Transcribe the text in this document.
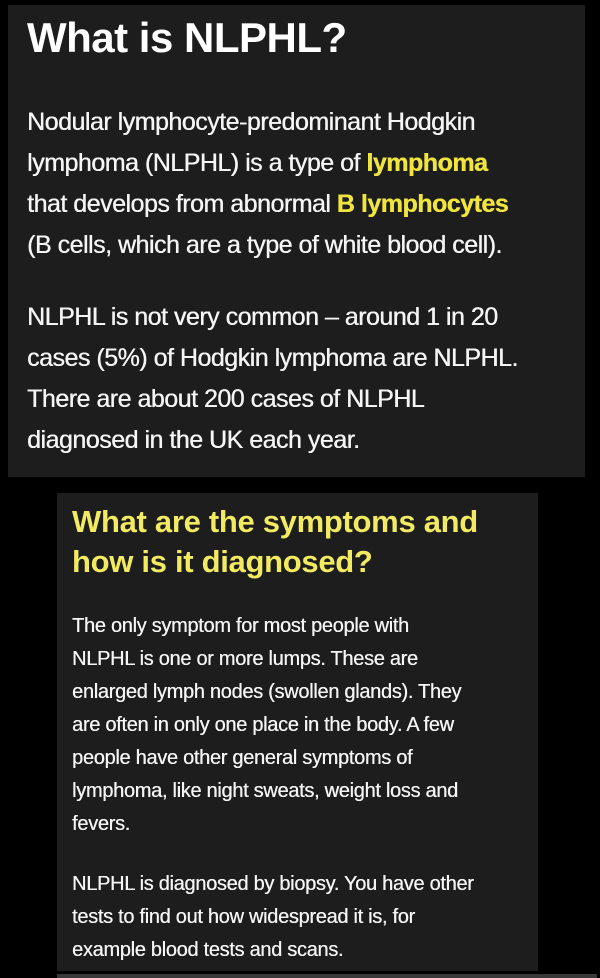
What is NLPHL?

Nodular lymphocyte-predominant Hodgkin
lymphoma (NLPHL) is a type of lymphoma
that develops from abnormal B lymphocytes
(B cells, which are a type of white blood cell).

NLPHL is not very common – around 1 in 20
cases (5%) of Hodgkin lymphoma are NLPHL.
There are about 200 cases of NLPHL
diagnosed in the UK each year.

What are the symptoms and
how is it diagnosed?

The only symptom for most people with
NLPHL is one or more lumps. These are
enlarged lymph nodes (swollen glands). They
are often in only one place in the body. A few
people have other general symptoms of
lymphoma, like night sweats, weight loss and
fevers.

NLPHL is diagnosed by biopsy. You have other
tests to find out how widespread it is, for
example blood tests and scans.
